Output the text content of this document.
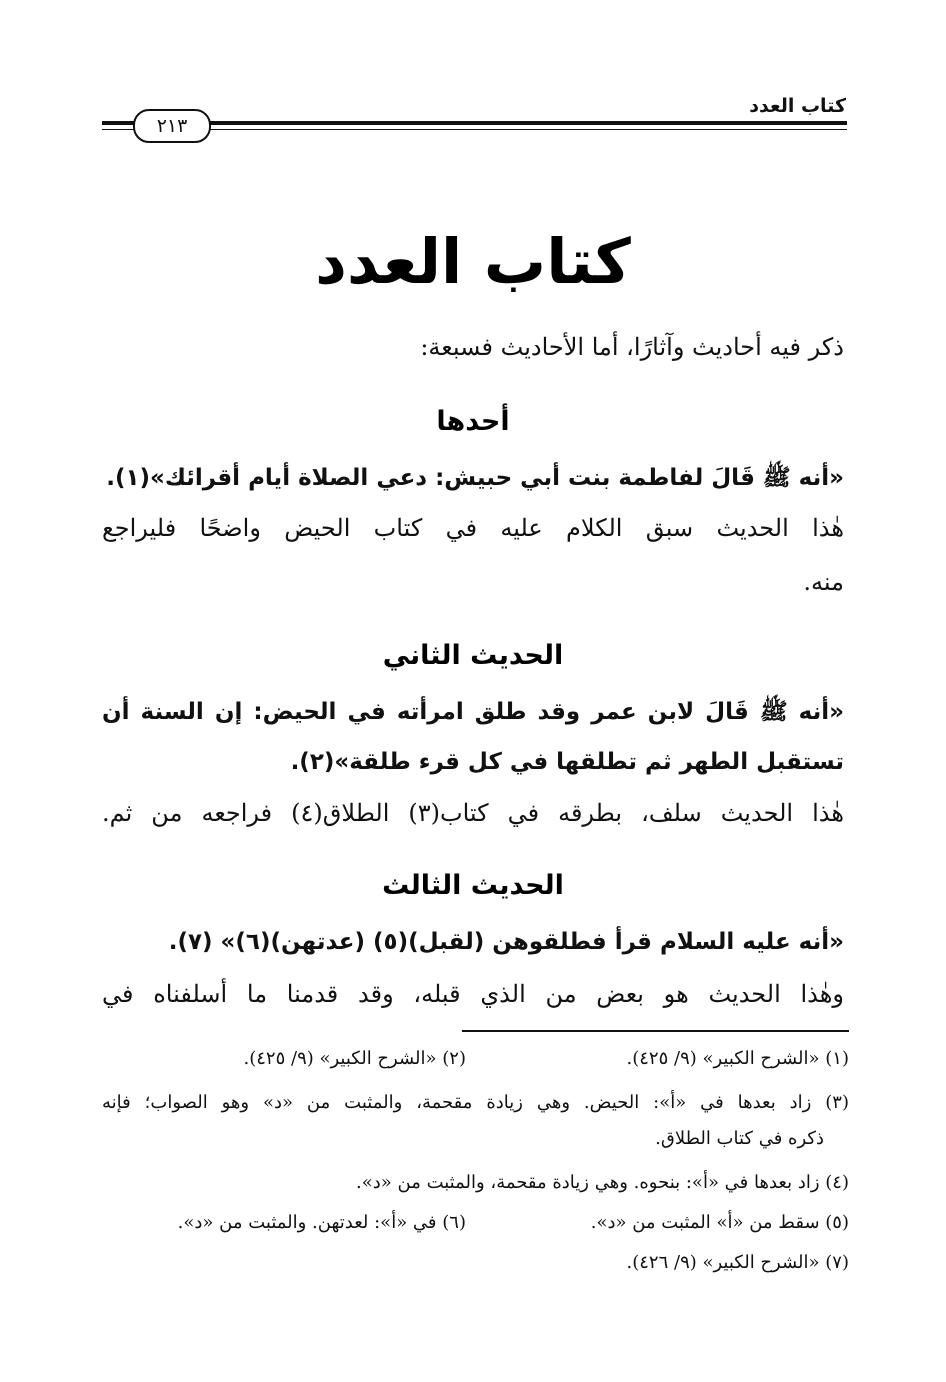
كتاب العدد
٢١٣
كتاب العدد
ذكر فيه أحاديث وآثارًا، أما الأحاديث فسبعة:
أحدها
«أنه ﷺ قَالَ لفاطمة بنت أبي حبيش: دعي الصلاة أيام أقرائك»(١).
هٰذا الحديث سبق الكلام عليه في كتاب الحيض واضحًا فليراجع
منه.
الحديث الثاني
«أنه ﷺ قَالَ لابن عمر وقد طلق امرأته في الحيض: إن السنة أن
تستقبل الطهر ثم تطلقها في كل قرء طلقة»(٢).
هٰذا الحديث سلف، بطرقه في كتاب(٣) الطلاق(٤) فراجعه من ثم.
الحديث الثالث
«أنه عليه السلام قرأ فطلقوهن (لقبل)(٥) (عدتهن)(٦)» (٧).
وهٰذا الحديث هو بعض من الذي قبله، وقد قدمنا ما أسلفناه في
(١) «الشرح الكبير» (٩/ ٤٢٥).
(٢) «الشرح الكبير» (٩/ ٤٢٥).
(٣) زاد بعدها في «أ»: الحيض. وهي زيادة مقحمة، والمثبت من «د» وهو الصواب؛ فإنه
ذكره في كتاب الطلاق.
(٤) زاد بعدها في «أ»: بنحوه. وهي زيادة مقحمة، والمثبت من «د».
(٥) سقط من «أ» المثبت من «د».
(٦) في «أ»: لعدتهن. والمثبت من «د».
(٧) «الشرح الكبير» (٩/ ٤٢٦).
